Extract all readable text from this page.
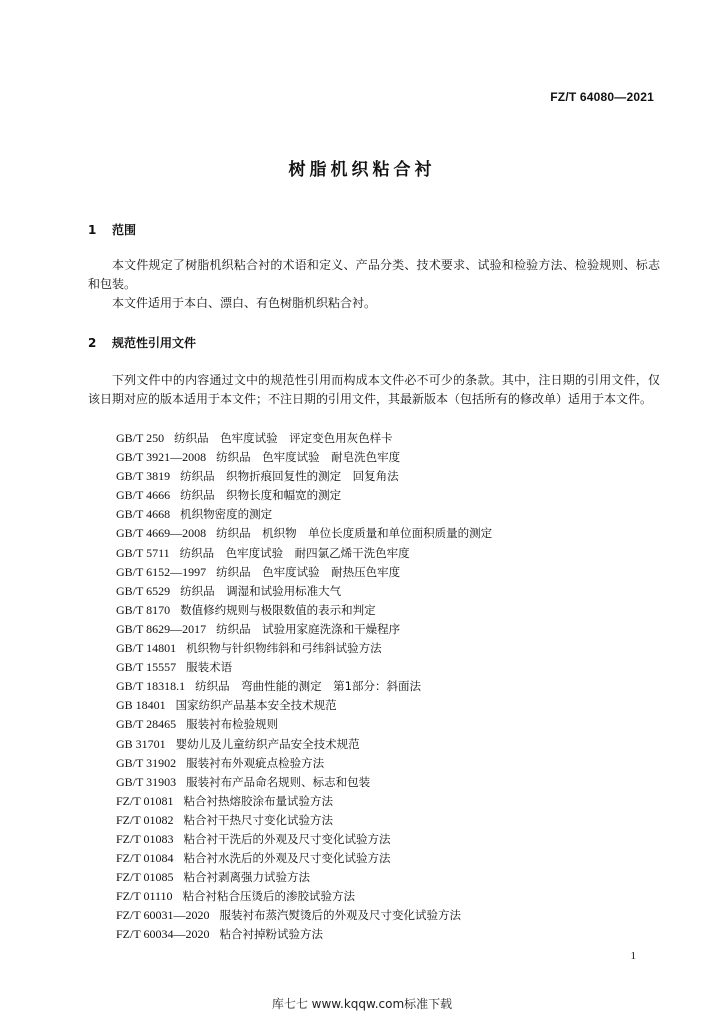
FZ/T 64080—2021
树脂机织粘合衬
1 范围
本文件规定了树脂机织粘合衬的术语和定义、产品分类、技术要求、试验和检验方法、检验规则、标志和包装。
本文件适用于本白、漂白、有色树脂机织粘合衬。
2 规范性引用文件
下列文件中的内容通过文中的规范性引用而构成本文件必不可少的条款。其中，注日期的引用文件，仅该日期对应的版本适用于本文件；不注日期的引用文件，其最新版本（包括所有的修改单）适用于本文件。
GB/T 250 纺织品　色牢度试验　评定变色用灰色样卡
GB/T 3921—2008 纺织品　色牢度试验　耐皂洗色牢度
GB/T 3819 纺织品　织物折痕回复性的测定　回复角法
GB/T 4666 纺织品　织物长度和幅宽的测定
GB/T 4668 机织物密度的测定
GB/T 4669—2008 纺织品　机织物　单位长度质量和单位面积质量的测定
GB/T 5711 纺织品　色牢度试验　耐四氯乙烯干洗色牢度
GB/T 6152—1997 纺织品　色牢度试验　耐热压色牢度
GB/T 6529 纺织品　调湿和试验用标准大气
GB/T 8170 数值修约规则与极限数值的表示和判定
GB/T 8629—2017 纺织品　试验用家庭洗涤和干燥程序
GB/T 14801 机织物与针织物纬斜和弓纬斜试验方法
GB/T 15557 服装术语
GB/T 18318.1 纺织品　弯曲性能的测定　第1部分：斜面法
GB 18401 国家纺织产品基本安全技术规范
GB/T 28465 服装衬布检验规则
GB 31701 婴幼儿及儿童纺织产品安全技术规范
GB/T 31902 服装衬布外观疵点检验方法
GB/T 31903 服装衬布产品命名规则、标志和包装
FZ/T 01081 粘合衬热熔胶涂布量试验方法
FZ/T 01082 粘合衬干热尺寸变化试验方法
FZ/T 01083 粘合衬干洗后的外观及尺寸变化试验方法
FZ/T 01084 粘合衬水洗后的外观及尺寸变化试验方法
FZ/T 01085 粘合衬剥离强力试验方法
FZ/T 01110 粘合衬粘合压烫后的渗胶试验方法
FZ/T 60031—2020 服装衬布蒸汽熨烫后的外观及尺寸变化试验方法
FZ/T 60034—2020 粘合衬掉粉试验方法
1
库七七 www.kqqw.com标准下载
